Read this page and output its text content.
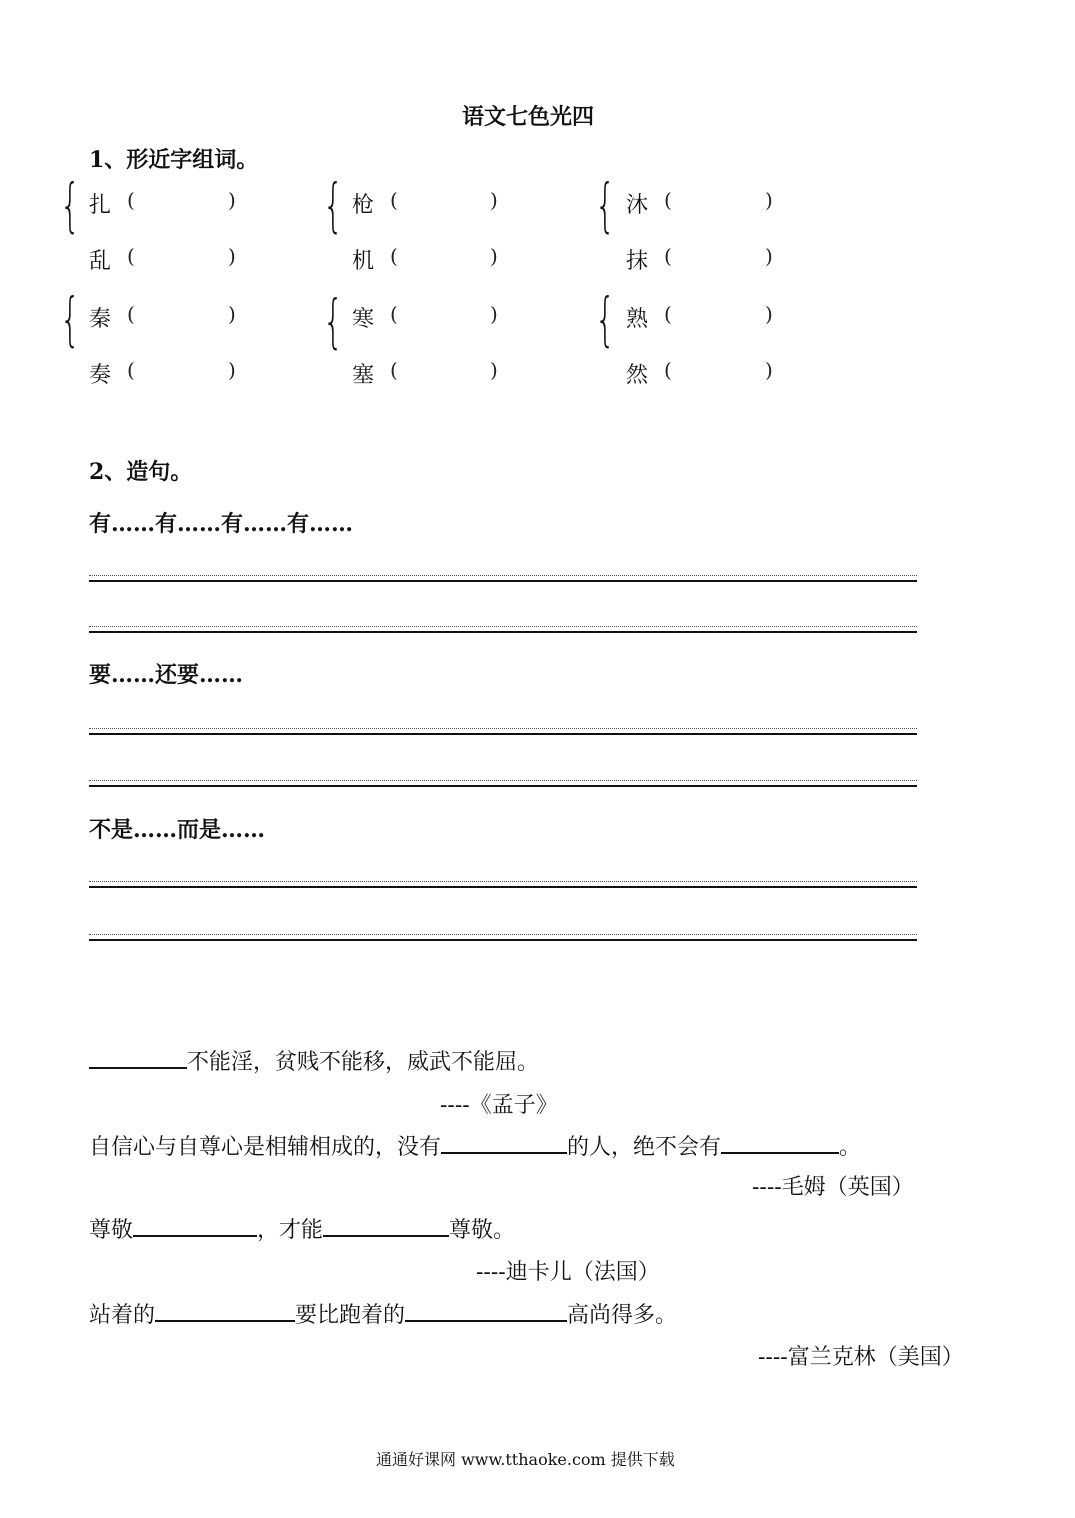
语文七色光四
1、形近字组词。
{ 扎 (	)
乱 (	)
{ 枪 (	)
机 (	)
{ 沐 (	)
抹 (	)
{ 秦 (	)
奏 (	)
{ 寒 (	)
塞 (	)
{ 熟 (	)
然 (	)
2、造句。
有……有……有……有……
要……还要……
不是……而是……
不能淫，贫贱不能移，威武不能屈。
----《孟子》
自信心与自尊心是相辅相成的，没有	的人，绝不会有	。
----毛姆（英国）
尊敬	，才能	尊敬。
----迪卡儿（法国）
站着的	要比跑着的	高尚得多。
----富兰克林（美国）
通通好课网 www.tthaoke.com 提供下载
